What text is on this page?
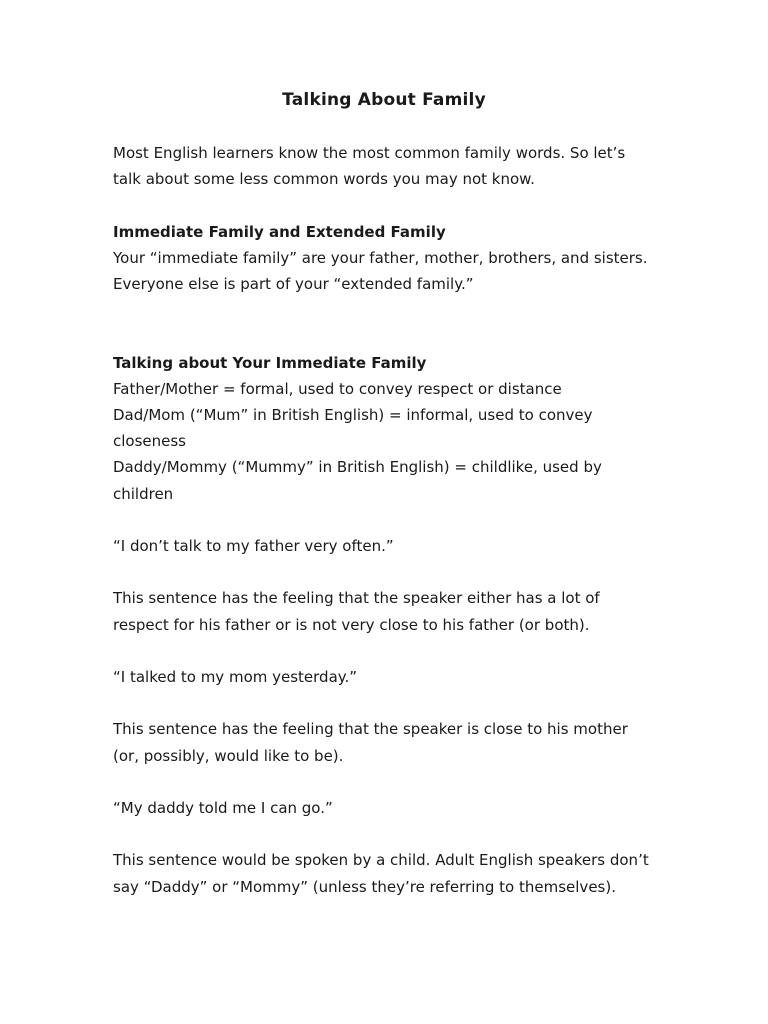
Talking About Family

Most English learners know the most common family words. So let’s talk about some less common words you may not know.

Immediate Family and Extended Family

Your “immediate family” are your father, mother, brothers, and sisters.

Everyone else is part of your “extended family.”

Talking about Your Immediate Family

Father/Mother = formal, used to convey respect or distance

Dad/Mom (“Mum” in British English) = informal, used to convey

closeness

Daddy/Mommy (“Mummy” in British English) = childlike, used by

children

“I don’t talk to my father very often.”

This sentence has the feeling that the speaker either has a lot of

respect for his father or is not very close to his father (or both).

“I talked to my mom yesterday.”

This sentence has the feeling that the speaker is close to his mother

(or, possibly, would like to be).

“My daddy told me I can go.”

This sentence would be spoken by a child. Adult English speakers don’t

say “Daddy” or “Mommy” (unless they’re referring to themselves).
